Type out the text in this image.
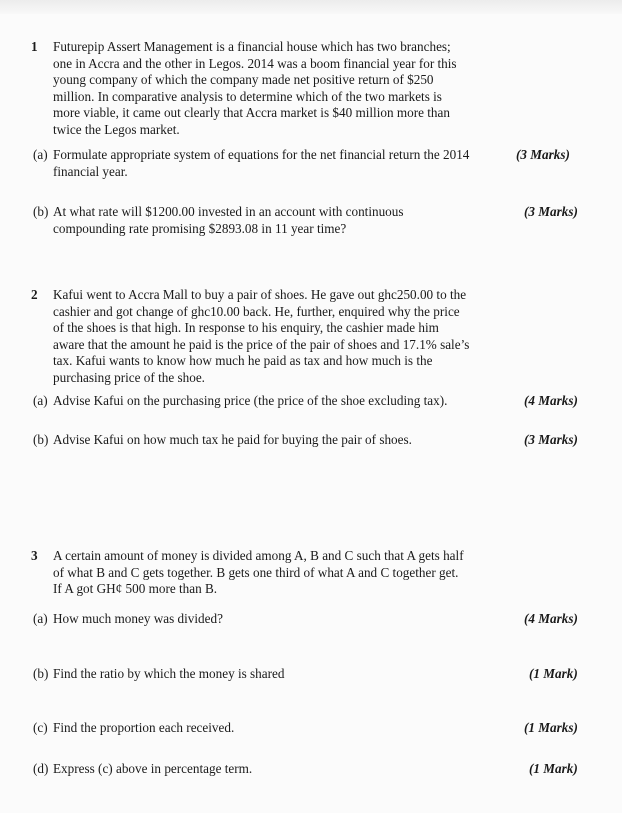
1 Futurepip Assert Management is a financial house which has two branches;
one in Accra and the other in Legos. 2014 was a boom financial year for this
young company of which the company made net positive return of $250
million. In comparative analysis to determine which of the two markets is
more viable, it came out clearly that Accra market is $40 million more than
twice the Legos market.
(a) Formulate appropriate system of equations for the net financial return the 2014
financial year.
(3 Marks)
(b) At what rate will $1200.00 invested in an account with continuous
compounding rate promising $2893.08 in 11 year time?
(3 Marks)
2 Kafui went to Accra Mall to buy a pair of shoes. He gave out ghc250.00 to the
cashier and got change of ghc10.00 back. He, further, enquired why the price
of the shoes is that high. In response to his enquiry, the cashier made him
aware that the amount he paid is the price of the pair of shoes and 17.1% sale’s
tax. Kafui wants to know how much he paid as tax and how much is the
purchasing price of the shoe.
(a) Advise Kafui on the purchasing price (the price of the shoe excluding tax).	(4 Marks)
(b) Advise Kafui on how much tax he paid for buying the pair of shoes.	(3 Marks)
3 A certain amount of money is divided among A, B and C such that A gets half
of what B and C gets together. B gets one third of what A and C together get.
If A got GH¢ 500 more than B.
(a) How much money was divided?	(4 Marks)
(b) Find the ratio by which the money is shared	(1 Mark)
(c) Find the proportion each received.	(1 Marks)
(d) Express (c) above in percentage term.	(1 Mark)
